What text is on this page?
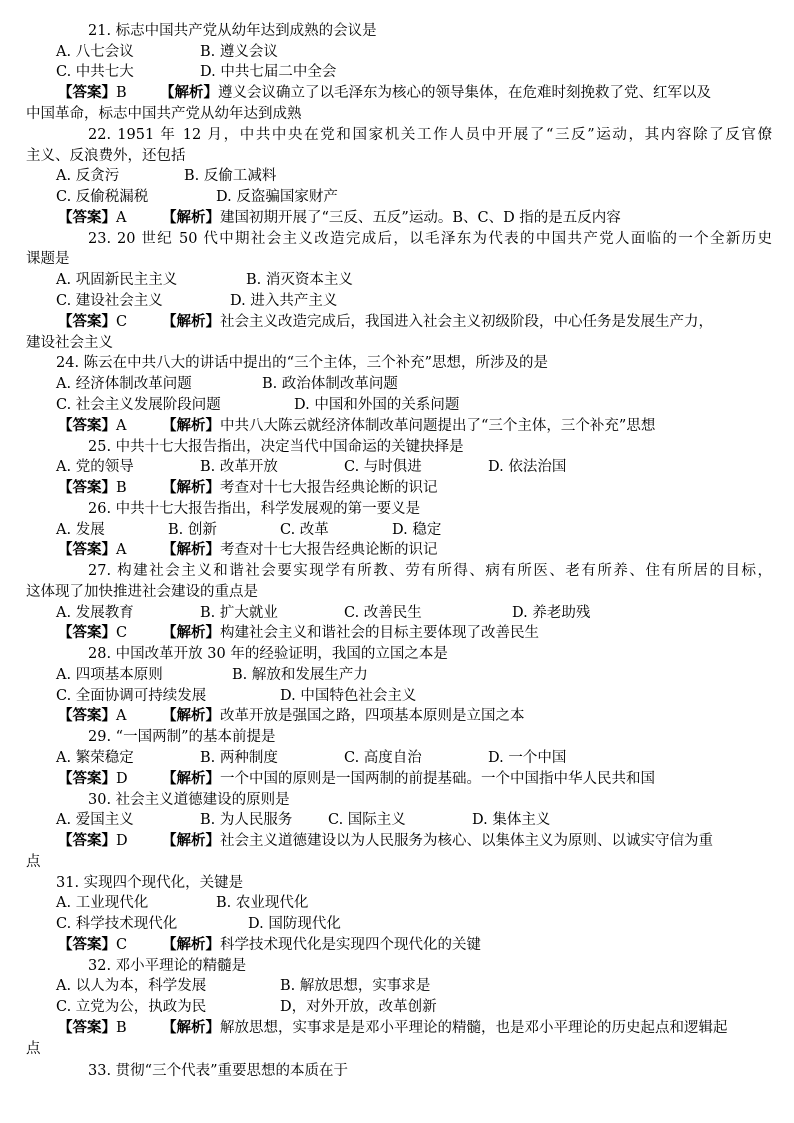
21. 标志中国共产党从幼年达到成熟的会议是
A. 八七会议	B. 遵义会议
C. 中共七大	D. 中共七届二中全会
【答案】B 【解析】遵义会议确立了以毛泽东为核心的领导集体，在危难时刻挽救了党、红军以及
中国革命，标志中国共产党从幼年达到成熟
22. 1951 年 12 月，中共中央在党和国家机关工作人员中开展了“三反”运动，其内容除了反官僚
主义、反浪费外，还包括
A. 反贪污	B. 反偷工减料
C. 反偷税漏税	D. 反盗骗国家财产
【答案】A 【解析】建国初期开展了“三反、五反”运动。B、C、D 指的是五反内容
23. 20 世纪 50 代中期社会主义改造完成后，以毛泽东为代表的中国共产党人面临的一个全新历史
课题是
A. 巩固新民主主义	B. 消灭资本主义
C. 建设社会主义	D. 进入共产主义
【答案】C 【解析】社会主义改造完成后，我国进入社会主义初级阶段，中心任务是发展生产力，
建设社会主义
24. 陈云在中共八大的讲话中提出的“三个主体，三个补充”思想，所涉及的是
A. 经济体制改革问题	B. 政治体制改革问题
C. 社会主义发展阶段问题	D. 中国和外国的关系问题
【答案】A 【解析】中共八大陈云就经济体制改革问题提出了“三个主体，三个补充”思想
25. 中共十七大报告指出，决定当代中国命运的关键抉择是
A. 党的领导	B. 改革开放	C. 与时俱进	D. 依法治国
【答案】B 【解析】考查对十七大报告经典论断的识记
26. 中共十七大报告指出，科学发展观的第一要义是
A. 发展	B. 创新	C. 改革	D. 稳定
【答案】A 【解析】考查对十七大报告经典论断的识记
27. 构建社会主义和谐社会要实现学有所教、劳有所得、病有所医、老有所养、住有所居的目标，
这体现了加快推进社会建设的重点是
A. 发展教育	B. 扩大就业	C. 改善民生	D. 养老助残
【答案】C 【解析】构建社会主义和谐社会的目标主要体现了改善民生
28. 中国改革开放 30 年的经验证明，我国的立国之本是
A. 四项基本原则	B. 解放和发展生产力
C. 全面协调可持续发展	D. 中国特色社会主义
【答案】A 【解析】改革开放是强国之路，四项基本原则是立国之本
29. “一国两制”的基本前提是
A. 繁荣稳定	B. 两种制度	C. 高度自治	D. 一个中国
【答案】D 【解析】一个中国的原则是一国两制的前提基础。一个中国指中华人民共和国
30. 社会主义道德建设的原则是
A. 爱国主义	B. 为人民服务 C. 国际主义	D. 集体主义
【答案】D 【解析】社会主义道德建设以为人民服务为核心、以集体主义为原则、以诚实守信为重
点
31. 实现四个现代化，关键是
A. 工业现代化	B. 农业现代化
C. 科学技术现代化	D. 国防现代化
【答案】C 【解析】科学技术现代化是实现四个现代化的关键
32. 邓小平理论的精髓是
A. 以人为本，科学发展	B. 解放思想，实事求是
C. 立党为公，执政为民	D，对外开放，改革创新
【答案】B 【解析】解放思想，实事求是是邓小平理论的精髓，也是邓小平理论的历史起点和逻辑起
点
33. 贯彻“三个代表”重要思想的本质在于
